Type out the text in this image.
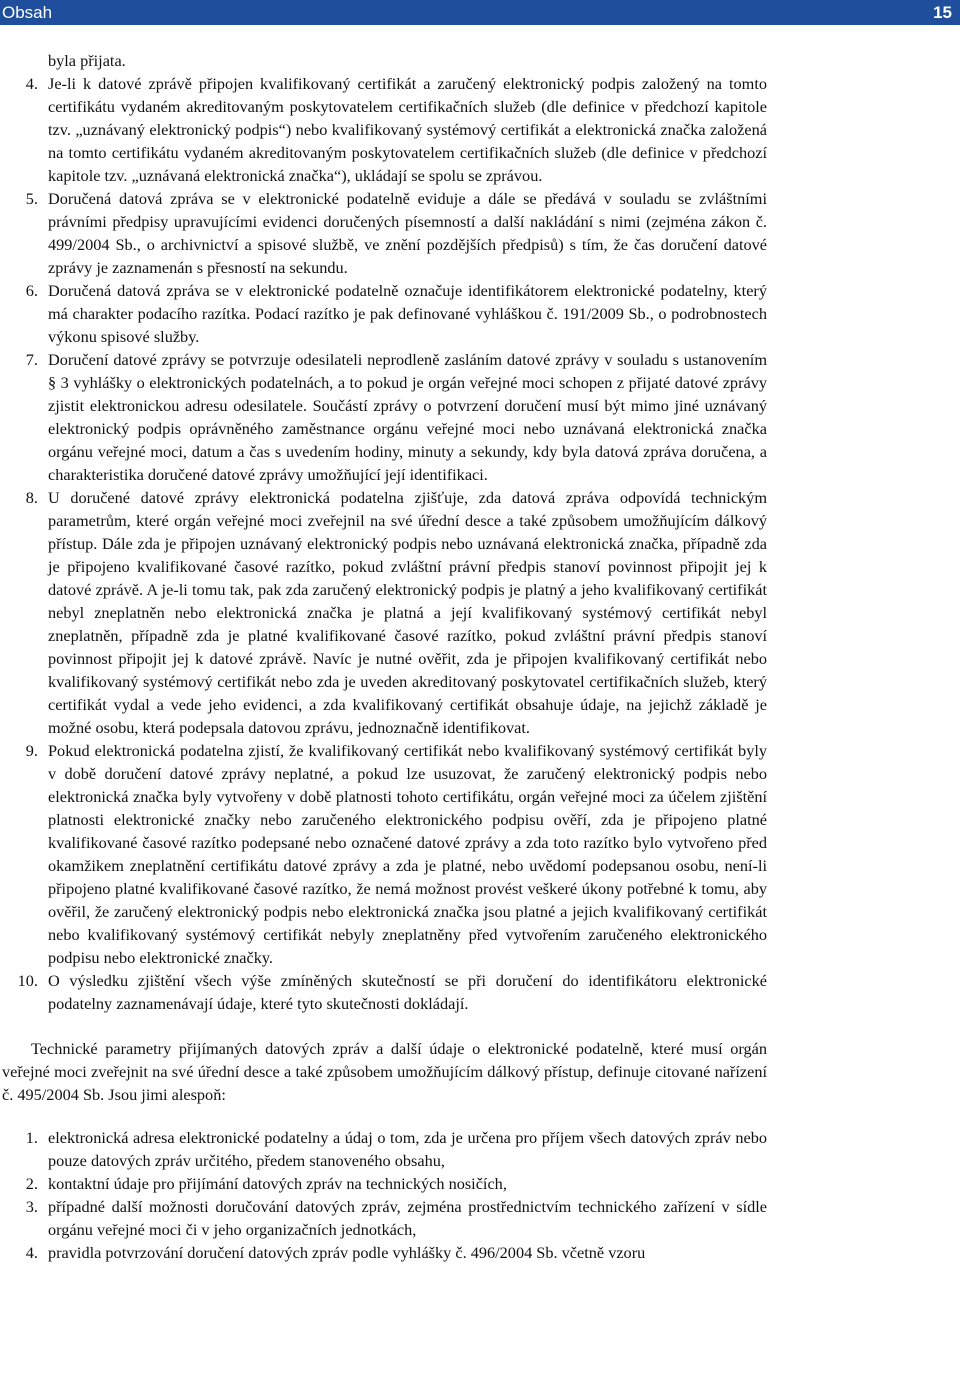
Obsah	15

byla přijata.

4. Je-li k datové zprávě připojen kvalifikovaný certifikát a zaručený elektronický podpis založený na tomto certifikátu vydaném akreditovaným poskytovatelem certifikačních služeb (dle definice v předchozí kapitole tzv. „uznávaný elektronický podpis“) nebo kvalifikovaný systémový certifikát a elektronická značka založená na tomto certifikátu vydaném akreditovaným poskytovatelem certifikačních služeb (dle definice v předchozí kapitole tzv. „uznávaná elektronická značka“), ukládají se spolu se zprávou.
5. Doručená datová zpráva se v elektronické podatelně eviduje a dále se předává v souladu se zvláštními právními předpisy upravujícími evidenci doručených písemností a další nakládání s nimi (zejména zákon č. 499/2004 Sb., o archivnictví a spisové službě, ve znění pozdějších předpisů) s tím, že čas doručení datové zprávy je zaznamenán s přesností na sekundu.
6. Doručená datová zpráva se v elektronické podatelně označuje identifikátorem elektronické podatelny, který má charakter podacího razítka. Podací razítko je pak definované vyhláškou č. 191/2009 Sb., o podrobnostech výkonu spisové služby.
7. Doručení datové zprávy se potvrzuje odesilateli neprodleně zasláním datové zprávy v souladu s ustanovením § 3 vyhlášky o elektronických podatelnách, a to pokud je orgán veřejné moci schopen z přijaté datové zprávy zjistit elektronickou adresu odesilatele. Součástí zprávy o potvrzení doručení musí být mimo jiné uznávaný elektronický podpis oprávněného zaměstnance orgánu veřejné moci nebo uznávaná elektronická značka orgánu veřejné moci, datum a čas s uvedením hodiny, minuty a sekundy, kdy byla datová zpráva doručena, a charakteristika doručené datové zprávy umožňující její identifikaci.
8. U doručené datové zprávy elektronická podatelna zjišťuje, zda datová zpráva odpovídá technickým parametrům, které orgán veřejné moci zveřejnil na své úřední desce a také způsobem umožňujícím dálkový přístup. Dále zda je připojen uznávaný elektronický podpis nebo uznávaná elektronická značka, případně zda je připojeno kvalifikované časové razítko, pokud zvláštní právní předpis stanoví povinnost připojit jej k datové zprávě. A je-li tomu tak, pak zda zaručený elektronický podpis je platný a jeho kvalifikovaný certifikát nebyl zneplatněn nebo elektronická značka je platná a její kvalifikovaný systémový certifikát nebyl zneplatněn, případně zda je platné kvalifikované časové razítko, pokud zvláštní právní předpis stanoví povinnost připojit jej k datové zprávě. Navíc je nutné ověřit, zda je připojen kvalifikovaný certifikát nebo kvalifikovaný systémový certifikát nebo zda je uveden akreditovaný poskytovatel certifikačních služeb, který certifikát vydal a vede jeho evidenci, a zda kvalifikovaný certifikát obsahuje údaje, na jejichž základě je možné osobu, která podepsala datovou zprávu, jednoznačně identifikovat.
9. Pokud elektronická podatelna zjistí, že kvalifikovaný certifikát nebo kvalifikovaný systémový certifikát byly v době doručení datové zprávy neplatné, a pokud lze usuzovat, že zaručený elektronický podpis nebo elektronická značka byly vytvořeny v době platnosti tohoto certifikátu, orgán veřejné moci za účelem zjištění platnosti elektronické značky nebo zaručeného elektronického podpisu ověří, zda je připojeno platné kvalifikované časové razítko podepsané nebo označené datové zprávy a zda toto razítko bylo vytvořeno před okamžikem zneplatnění certifikátu datové zprávy a zda je platné, nebo uvědomí podepsanou osobu, není-li připojeno platné kvalifikované časové razítko, že nemá možnost provést veškeré úkony potřebné k tomu, aby ověřil, že zaručený elektronický podpis nebo elektronická značka jsou platné a jejich kvalifikovaný certifikát nebo kvalifikovaný systémový certifikát nebyly zneplatněny před vytvořením zaručeného elektronického podpisu nebo elektronické značky.
10. O výsledku zjištění všech výše zmíněných skutečností se při doručení do identifikátoru elektronické podatelny zaznamenávají údaje, které tyto skutečnosti dokládají.

Technické parametry přijímaných datových zpráv a další údaje o elektronické podatelně, které musí orgán veřejné moci zveřejnit na své úřední desce a také způsobem umožňujícím dálkový přístup, definuje citované nařízení č. 495/2004 Sb. Jsou jimi alespoň:

1. elektronická adresa elektronické podatelny a údaj o tom, zda je určena pro příjem všech datových zpráv nebo pouze datových zpráv určitého, předem stanoveného obsahu,
2. kontaktní údaje pro přijímání datových zpráv na technických nosičích,
3. případné další možnosti doručování datových zpráv, zejména prostřednictvím technického zařízení v sídle orgánu veřejné moci či v jeho organizačních jednotkách,
4. pravidla potvrzování doručení datových zpráv podle vyhlášky č. 496/2004 Sb. včetně vzoru
